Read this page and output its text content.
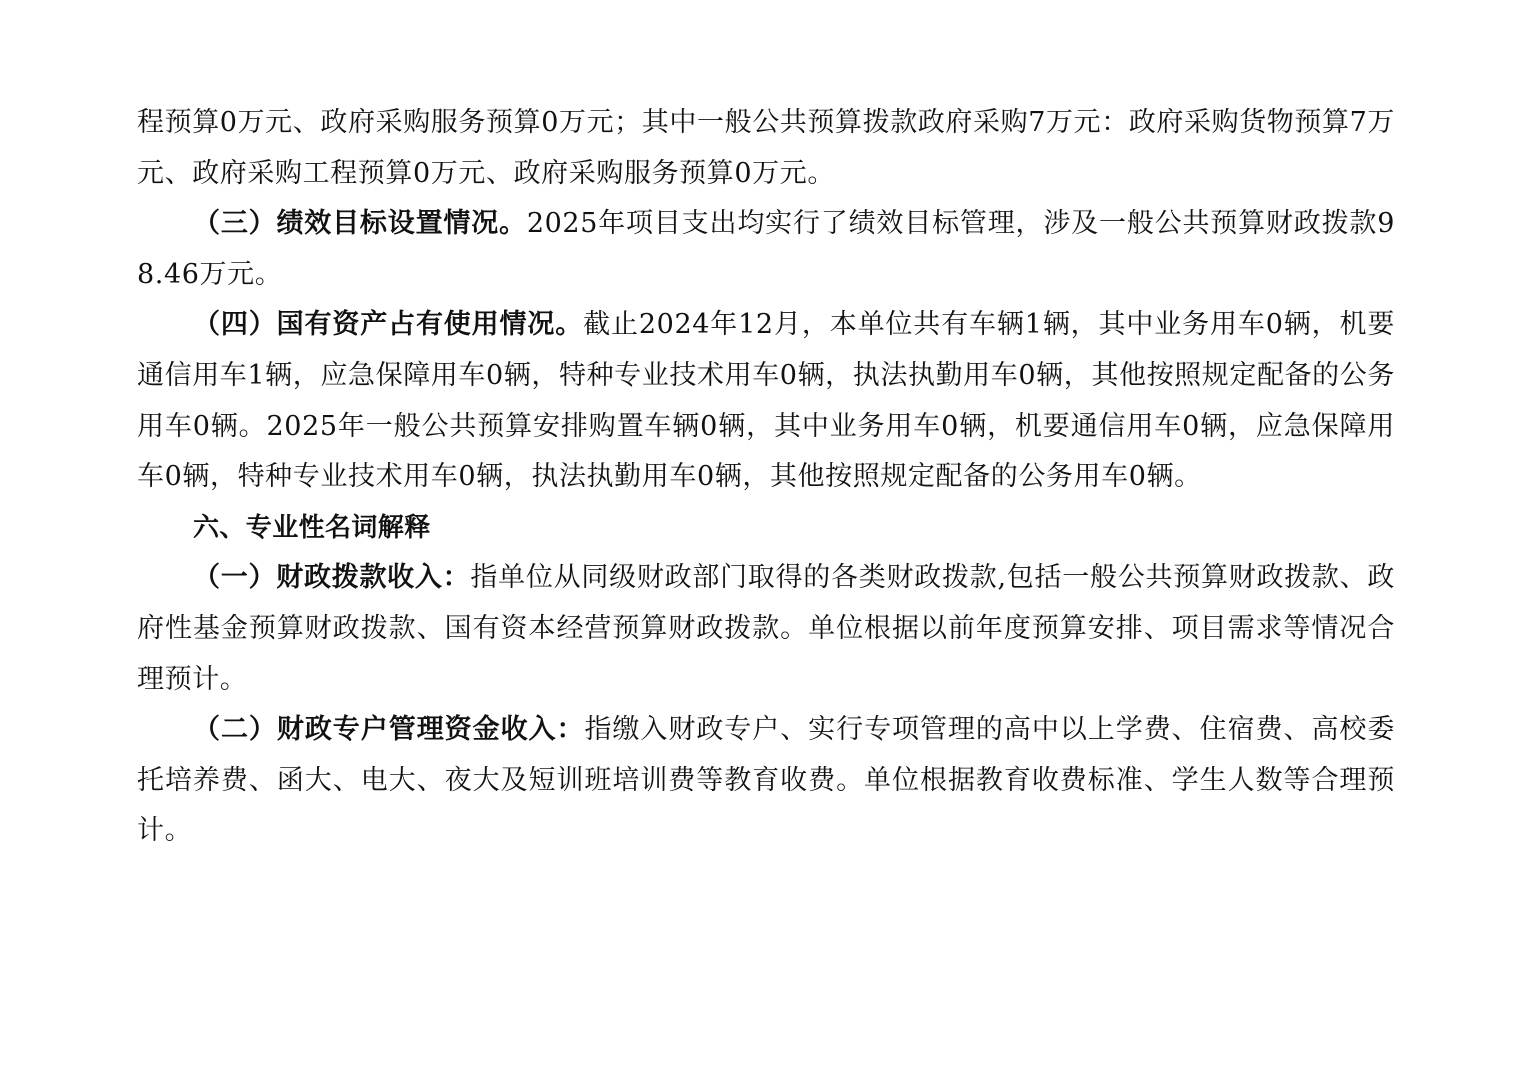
程预算0万元、政府采购服务预算0万元；其中一般公共预算拨款政府采购7万元：政府采购货物预算7万元、政府采购工程预算0万元、政府采购服务预算0万元。

（三）绩效目标设置情况。2025年项目支出均实行了绩效目标管理，涉及一般公共预算财政拨款98.46万元。

（四）国有资产占有使用情况。截止2024年12月，本单位共有车辆1辆，其中业务用车0辆，机要通信用车1辆，应急保障用车0辆，特种专业技术用车0辆，执法执勤用车0辆，其他按照规定配备的公务用车0辆。2025年一般公共预算安排购置车辆0辆，其中业务用车0辆，机要通信用车0辆，应急保障用车0辆，特种专业技术用车0辆，执法执勤用车0辆，其他按照规定配备的公务用车0辆。

六、专业性名词解释

（一）财政拨款收入：指单位从同级财政部门取得的各类财政拨款,包括一般公共预算财政拨款、政府性基金预算财政拨款、国有资本经营预算财政拨款。单位根据以前年度预算安排、项目需求等情况合理预计。

（二）财政专户管理资金收入：指缴入财政专户、实行专项管理的高中以上学费、住宿费、高校委托培养费、函大、电大、夜大及短训班培训费等教育收费。单位根据教育收费标准、学生人数等合理预计。
